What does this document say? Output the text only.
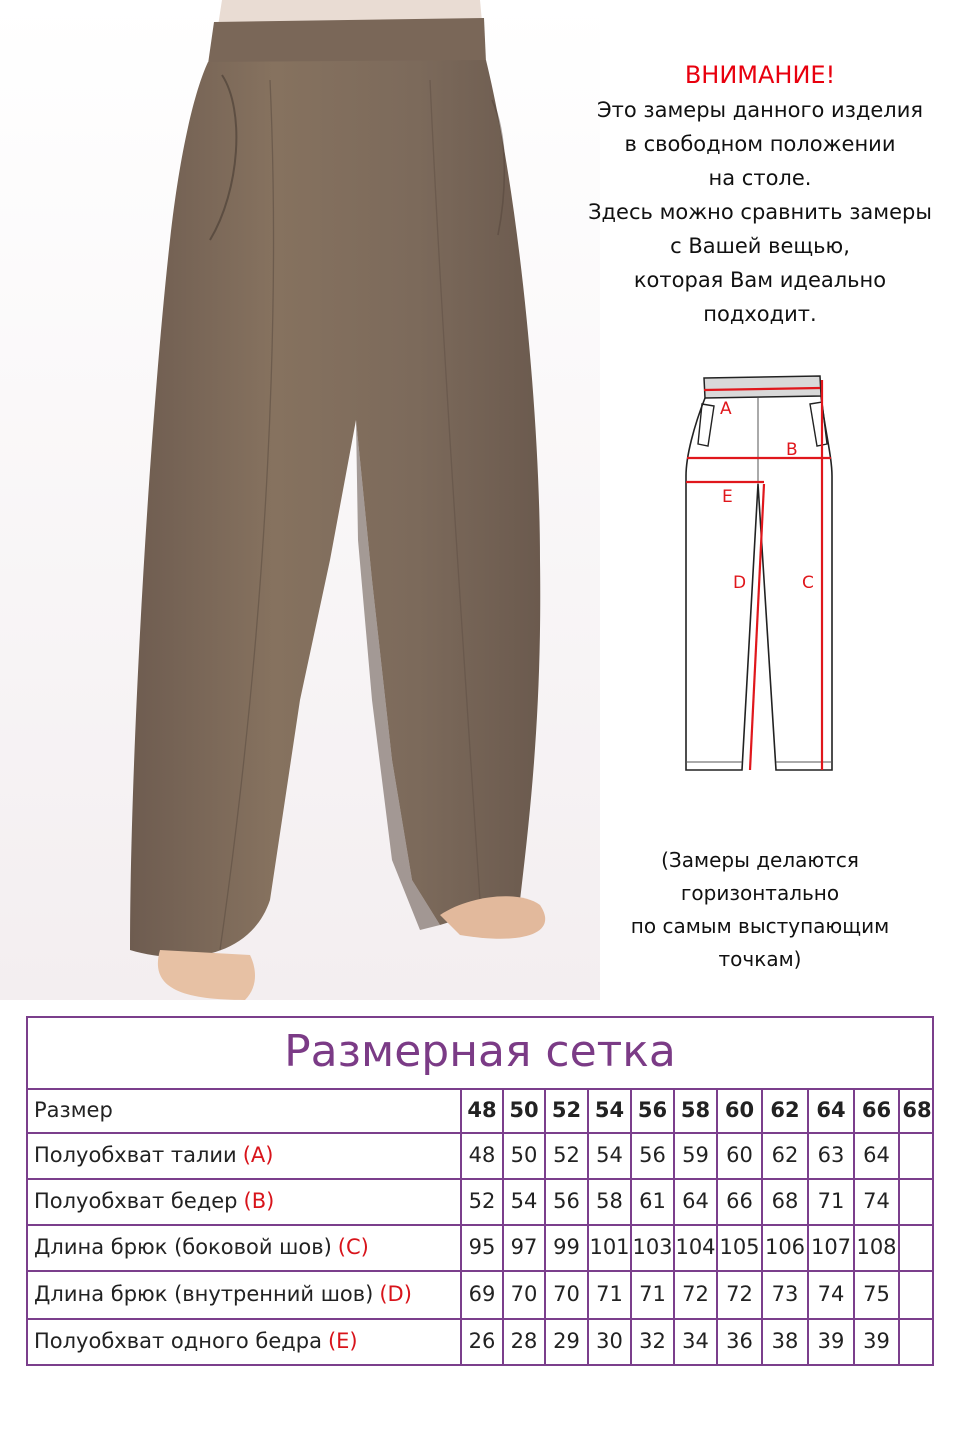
ВНИМАНИЕ!
Это замеры данного изделия
в свободном положении
на столе.
Здесь можно сравнить замеры
с Вашей вещью,
которая Вам идеально
подходит.
A
B
E
D	C
(Замеры делаются
горизонтально
по самым выступающим
точкам)
Размерная сетка
Размер	48 50 52 54 56 58 60 62 64 66 68
Полуобхват талии (A)	48 50 52 54 56 59 60 62 63 64
Полуобхват бедер (B)	52 54 56 58 61 64 66 68 71 74
Длина брюк (боковой шов) (C)	95 97 99 101 103 104 105 106 107 108
Длина брюк (внутренний шов) (D)	69 70 70 71 71 72 72 73 74 75
Полуобхват одного бедра (E)	26 28 29 30 32 34 36 38 39 39
